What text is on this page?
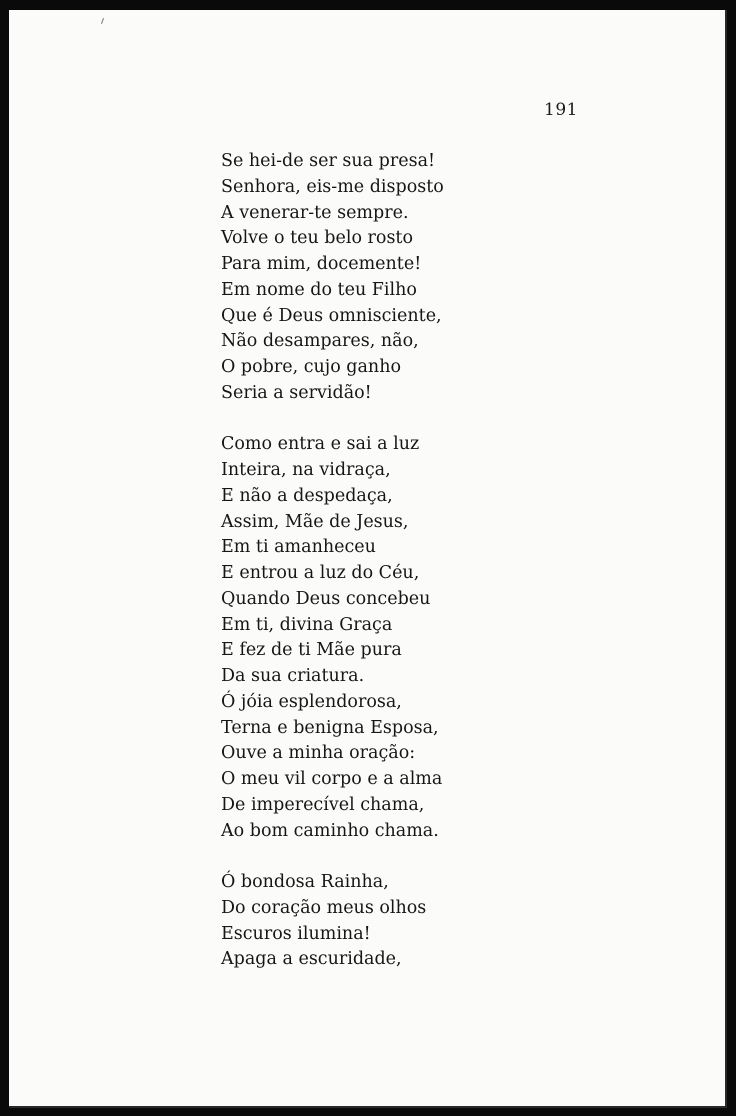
191
Se hei-de ser sua presa!
Senhora, eis-me disposto
A venerar-te sempre.
Volve o teu belo rosto
Para mim, docemente!
Em nome do teu Filho
Que é Deus omnisciente,
Não desampares, não,
O pobre, cujo ganho
Seria a servidão!
Como entra e sai a luz
Inteira, na vidraça,
E não a despedaça,
Assim, Mãe de Jesus,
Em ti amanheceu
E entrou a luz do Céu,
Quando Deus concebeu
Em ti, divina Graça
E fez de ti Mãe pura
Da sua criatura.
Ó jóia esplendorosa,
Terna e benigna Esposa,
Ouve a minha oração:
O meu vil corpo e a alma
De imperecível chama,
Ao bom caminho chama.
Ó bondosa Rainha,
Do coração meus olhos
Escuros ilumina!
Apaga a escuridade,
